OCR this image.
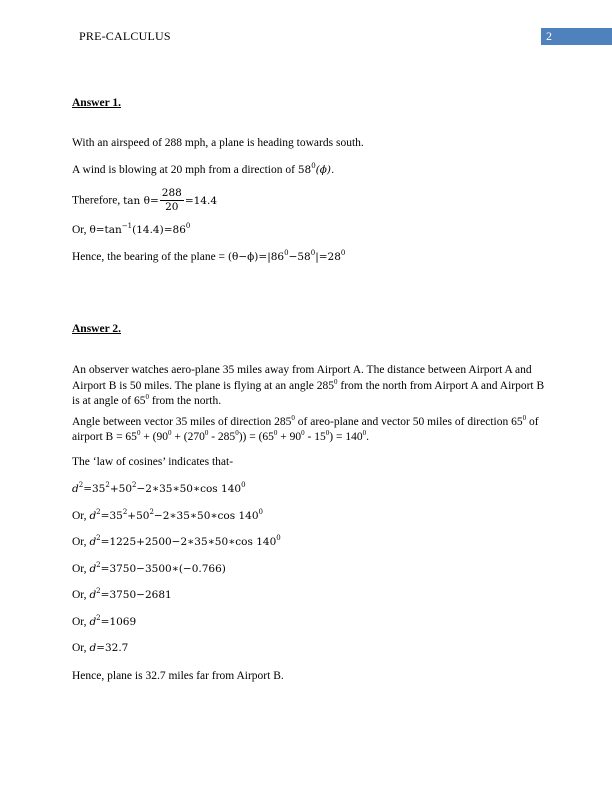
PRE-CALCULUS	2

Answer 1.

With an airspeed of 288 mph, a plane is heading towards south.

A wind is blowing at 20 mph from a direction of $58^0(\phi)$.

Therefore, $\tan \theta= \frac{288}{20} =14.4$

Or, $\theta=\tan^{-1}(14.4)=86^0$

Hence, the bearing of the plane = $(\theta-\phi)=|86^0-58^0|=28^0$

Answer 2.

An observer watches aero-plane 35 miles away from Airport A. The distance between Airport A and Airport B is 50 miles. The plane is flying at an angle $285^0$ from the north from Airport A and Airport B is at angle of $65^0$ from the north.

Angle between vector 35 miles of direction $285^0$ of areo-plane and vector 50 miles of direction $65^0$ of airport $B = 65^0 + (90^0 + (270^0 - 285^0)) = (65^0 + 90^0 - 15^0) = 140^0$.

The ‘law of cosines’ indicates that-

$d^2=35^2+50^2-2∗35∗50∗\cos$ $140^0$

Or, $d^2=35^2+50^2-2∗35∗50∗\cos$ $140^0$

Or, $d^2=1225+2500-2∗35∗50∗\cos$ $140^0$

Or, $d^2=3750-3500∗(-0.766)$

Or, $d^2=3750-2681$

Or, $d^2=1069$

Or, d=32.7

Hence, plane is 32.7 miles far from Airport B.
